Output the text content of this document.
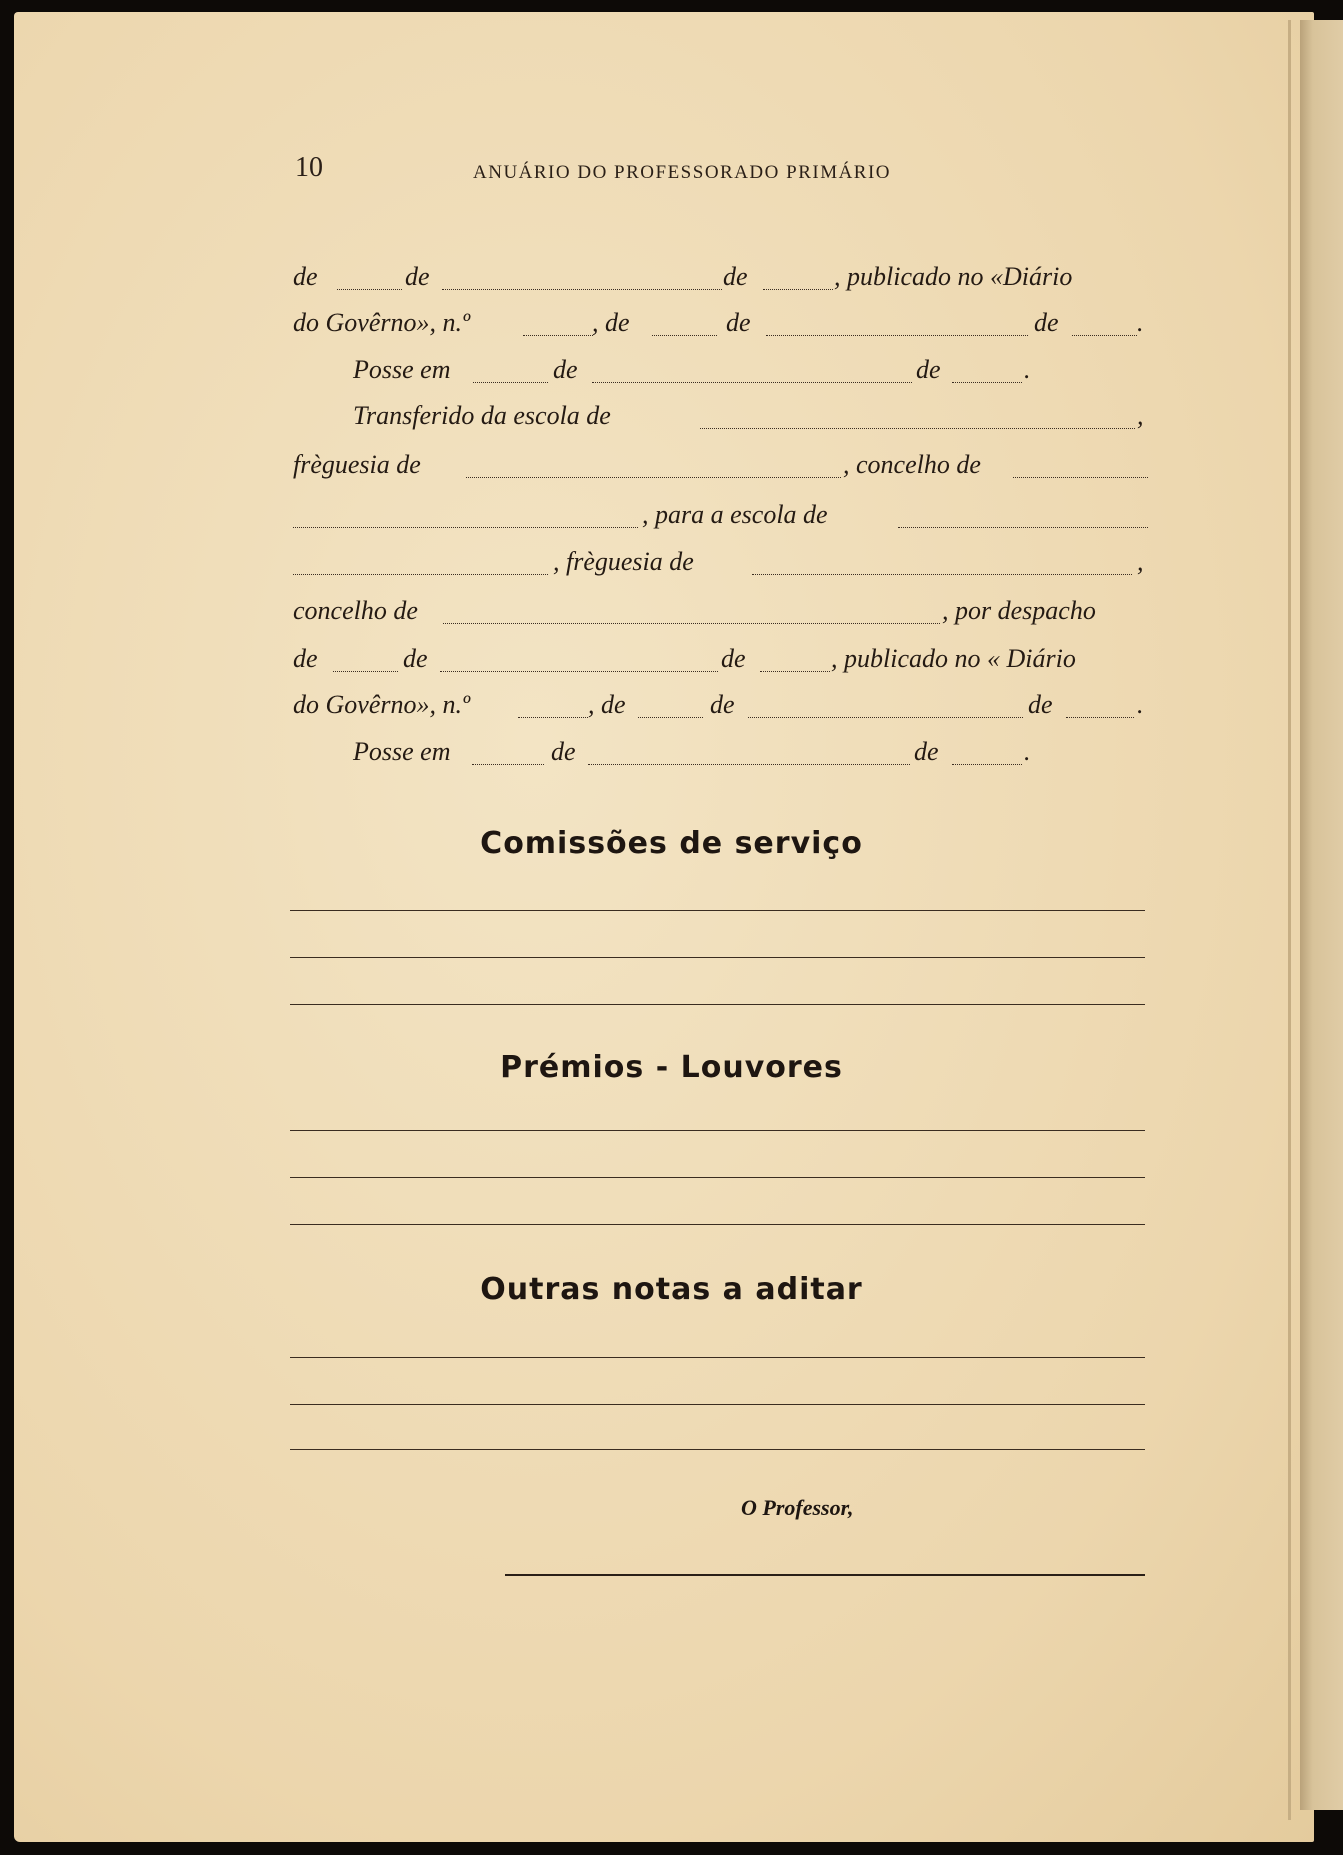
10	ANUÁRIO DO PROFESSORADO PRIMÁRIO
de	de	de	, publicado no «Diário
do Govêrno», n.º	, de	de	de	.
Posse em	de	de	.
Transferido da escola de	,
frèguesia de	, concelho de
, para a escola de
, frèguesia de	,
concelho de	, por despacho
de	de	de	, publicado no « Diário
do Govêrno», n.º	, de	de	de	.
Posse em	de	de	.
Comissões de serviço
Prémios - Louvores
Outras notas a aditar
O Professor,
